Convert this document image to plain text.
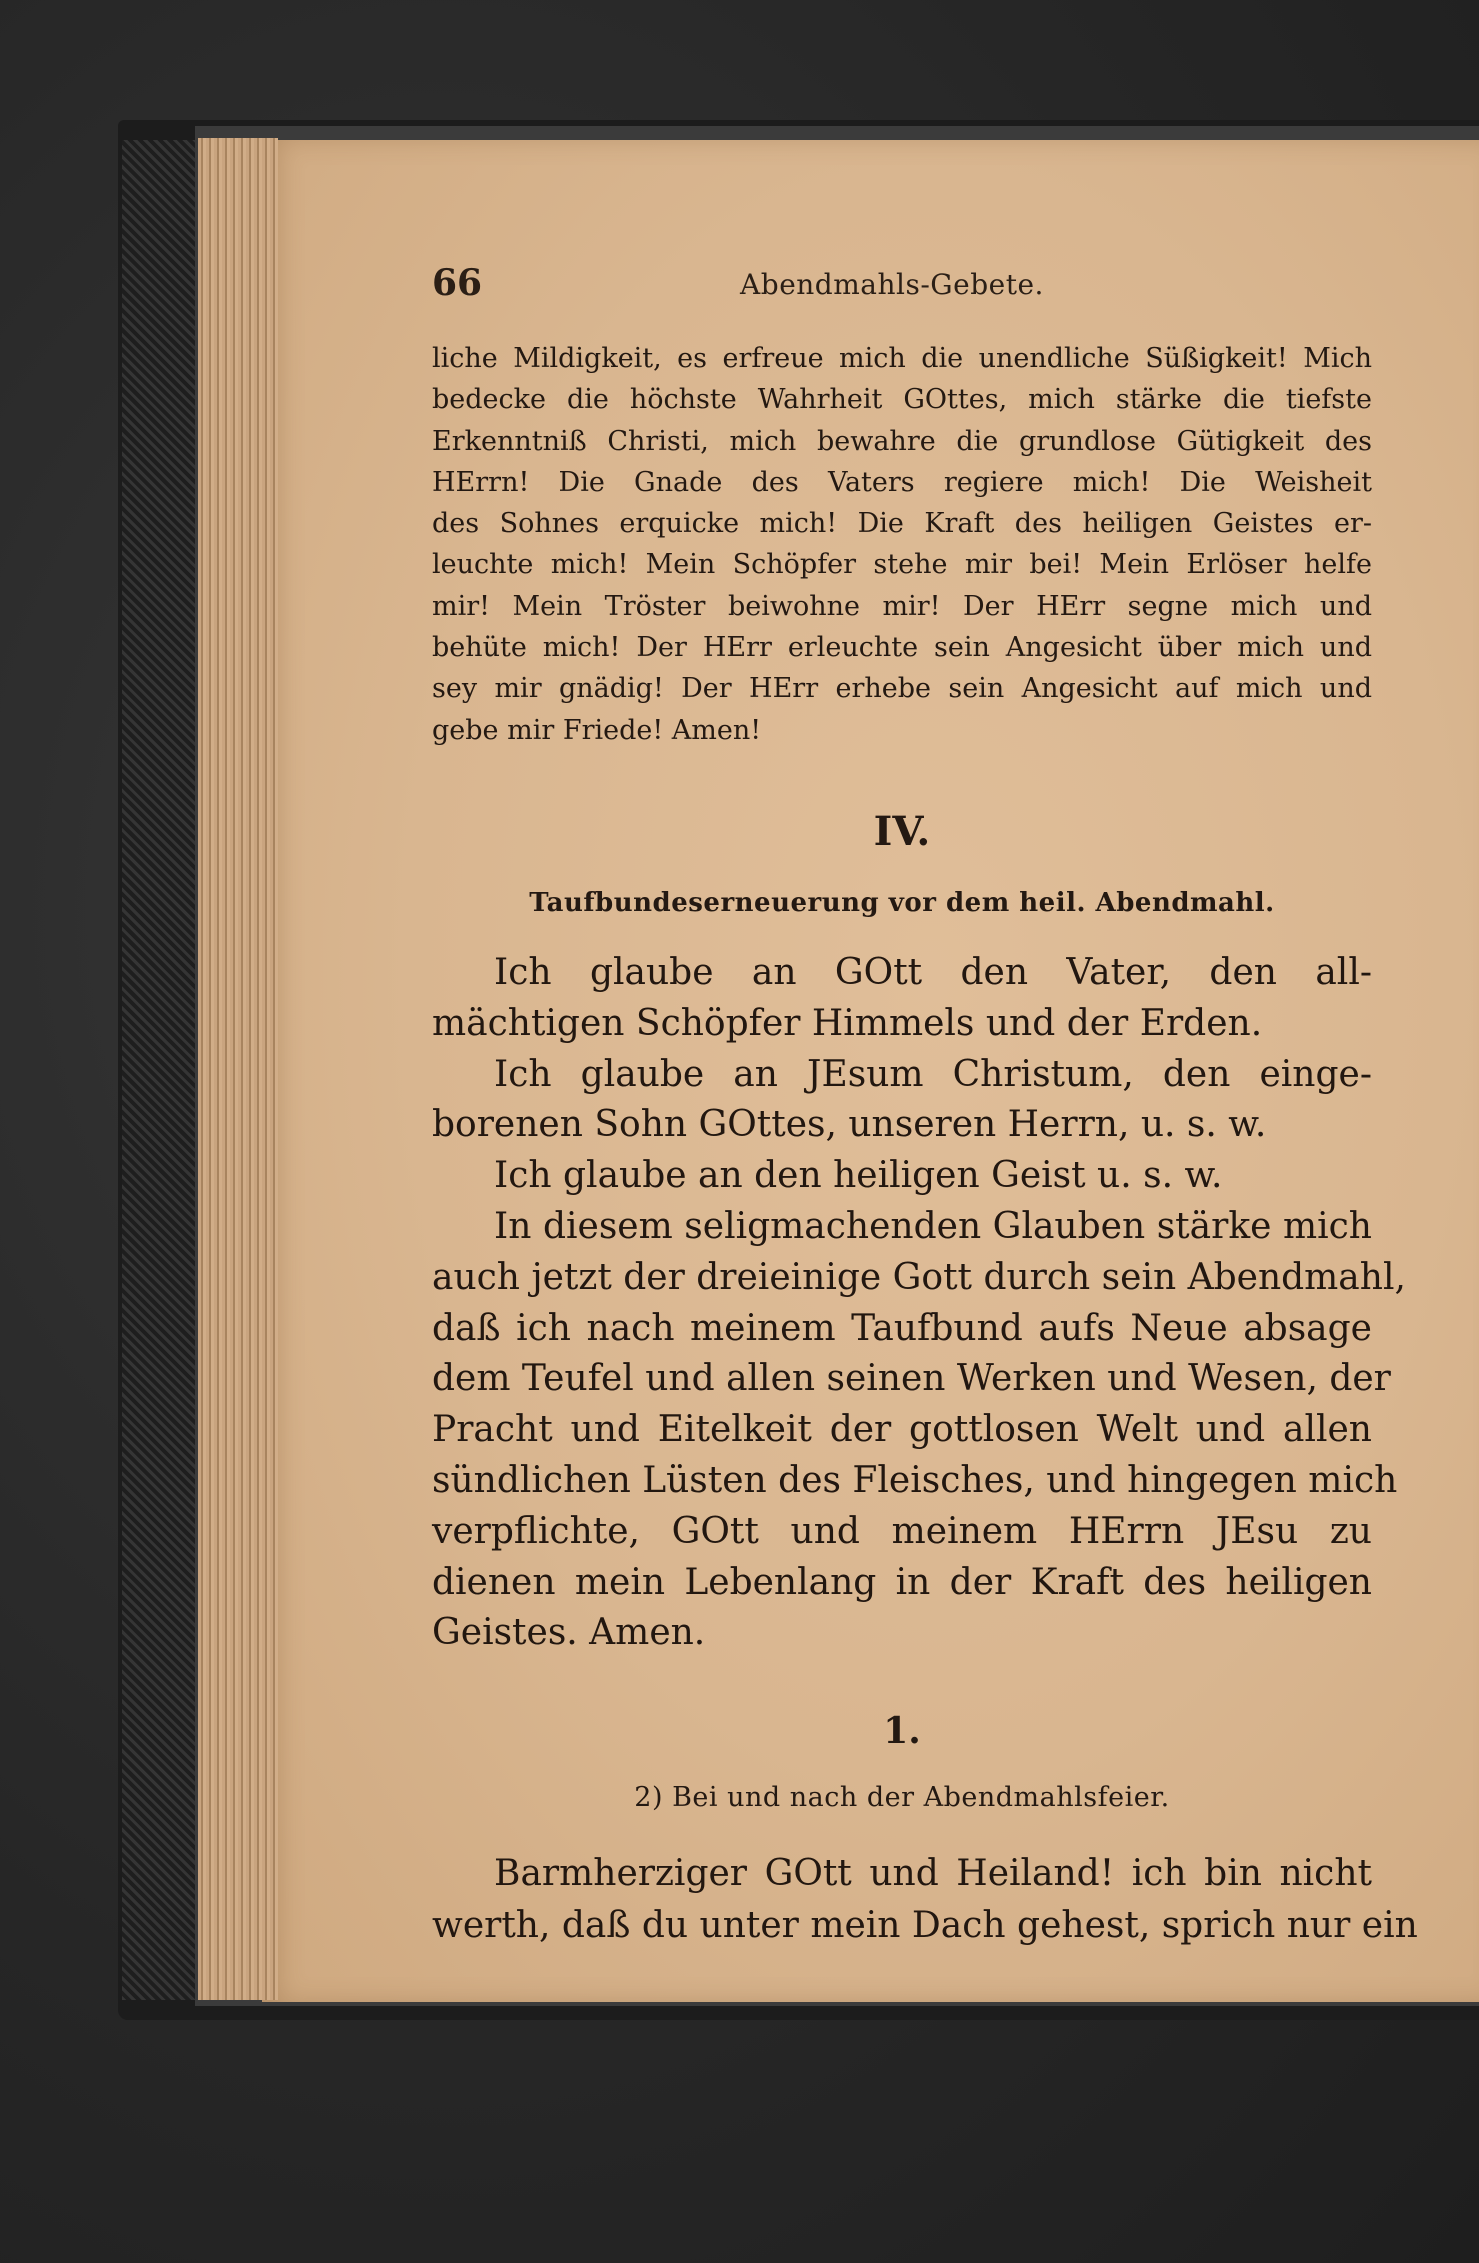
66	Abendmahls-Gebete.
liche Mildigkeit, es erfreue mich die unendliche Süßigkeit! Mich
bedecke die höchste Wahrheit GOttes, mich stärke die tiefste
Erkenntniß Christi, mich bewahre die grundlose Gütigkeit des
HErrn! Die Gnade des Vaters regiere mich! Die Weisheit
des Sohnes erquicke mich! Die Kraft des heiligen Geistes er-
leuchte mich! Mein Schöpfer stehe mir bei! Mein Erlöser helfe
mir! Mein Tröster beiwohne mir! Der HErr segne mich und
behüte mich! Der HErr erleuchte sein Angesicht über mich und
sey mir gnädig! Der HErr erhebe sein Angesicht auf mich und
gebe mir Friede! Amen!
IV.
Taufbundeserneuerung vor dem heil. Abendmahl.
Ich glaube an GOtt den Vater, den all-
mächtigen Schöpfer Himmels und der Erden.
Ich glaube an JEsum Christum, den einge-
borenen Sohn GOttes, unseren Herrn, u. s. w.
Ich glaube an den heiligen Geist u. s. w.
In diesem seligmachenden Glauben stärke mich
auch jetzt der dreieinige Gott durch sein Abendmahl,
daß ich nach meinem Taufbund aufs Neue absage
dem Teufel und allen seinen Werken und Wesen, der
Pracht und Eitelkeit der gottlosen Welt und allen
sündlichen Lüsten des Fleisches, und hingegen mich
verpflichte, GOtt und meinem HErrn JEsu zu
dienen mein Lebenlang in der Kraft des heiligen
Geistes. Amen.
1.
2) Bei und nach der Abendmahlsfeier.
Barmherziger GOtt und Heiland! ich bin nicht
werth, daß du unter mein Dach gehest, sprich nur ein
